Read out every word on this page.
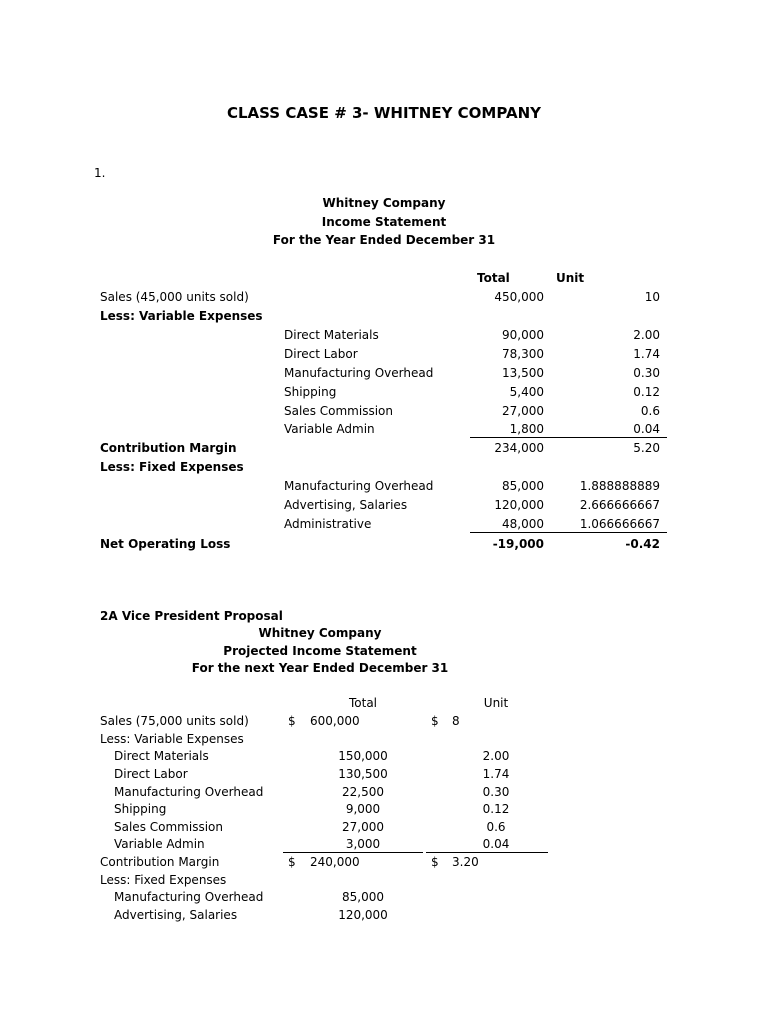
CLASS CASE # 3- WHITNEY COMPANY
1.
Whitney Company
Income Statement
For the Year Ended December 31
Total	Unit
Sales (45,000 units sold)	450,000	10
Less: Variable Expenses
Direct Materials	90,000	2.00
Direct Labor	78,300	1.74
Manufacturing Overhead	13,500	0.30
Shipping	5,400	0.12
Sales Commission	27,000	0.6
Variable Admin	1,800	0.04
Contribution Margin	234,000	5.20
Less: Fixed Expenses
Manufacturing Overhead	85,000	1.888888889
Advertising, Salaries	120,000	2.666666667
Administrative	48,000	1.066666667
Net Operating Loss	-19,000	-0.42
2A Vice President Proposal
Whitney Company
Projected Income Statement
For the next Year Ended December 31
Total	Unit
Sales (75,000 units sold)	$ 600,000	$ 8
Less: Variable Expenses
Direct Materials	150,000	2.00
Direct Labor	130,500	1.74
Manufacturing Overhead	22,500	0.30
Shipping	9,000	0.12
Sales Commission	27,000	0.6
Variable Admin	3,000	0.04
Contribution Margin	$ 240,000	$ 3.20
Less: Fixed Expenses
Manufacturing Overhead	85,000
Advertising, Salaries	120,000
